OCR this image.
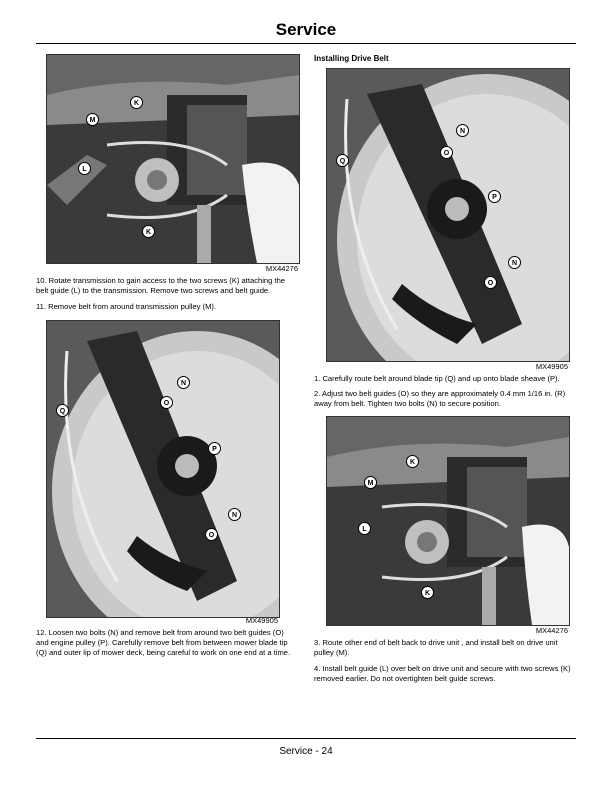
Service
K
M
L
K
MX44276
10. Rotate transmission to gain access to the two screws (K) attaching the belt guide (L) to the transmission. Remove two screws and belt guide.
11. Remove belt from around transmission pulley (M).
Q
N
O
P
N
O
MX49905
12. Loosen two bolts (N) and remove belt from around two belt guides (O) and engine pulley (P). Carefully remove belt from between mower blade tip (Q) and outer lip of mower deck, being careful to work on one end at a time.
Installing Drive Belt
Q
N
O
P
N
O
MX49905
1. Carefully route belt around blade tip (Q) and up onto blade sheave (P).
2. Adjust two belt guides (O) so they are approximately 0.4 mm 1/16 in. (R) away from belt. Tighten two bolts (N) to secure position.
K
M
L
K
MX44276
3. Route other end of belt back to drive unit , and install belt on drive unit pulley (M).
4. Install belt guide (L) over belt on drive unit and secure with two screws (K) removed earlier. Do not overtighten belt guide screws.
Service - 24
